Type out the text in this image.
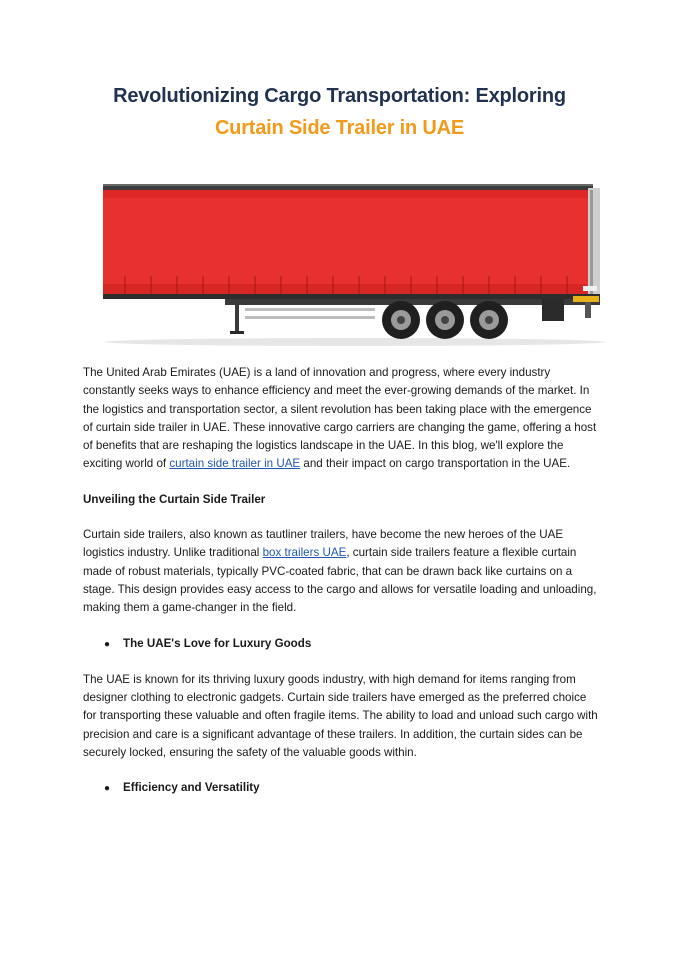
Revolutionizing Cargo Transportation: Exploring
Curtain Side Trailer in UAE

The United Arab Emirates (UAE) is a land of innovation and progress, where every industry constantly seeks ways to enhance efficiency and meet the ever-growing demands of the market. In the logistics and transportation sector, a silent revolution has been taking place with the emergence of curtain side trailer in UAE. These innovative cargo carriers are changing the game, offering a host of benefits that are reshaping the logistics landscape in the UAE. In this blog, we'll explore the exciting world of curtain side trailer in UAE and their impact on cargo transportation in the UAE.

Unveiling the Curtain Side Trailer

Curtain side trailers, also known as tautliner trailers, have become the new heroes of the UAE logistics industry. Unlike traditional box trailers UAE, curtain side trailers feature a flexible curtain made of robust materials, typically PVC-coated fabric, that can be drawn back like curtains on a stage. This design provides easy access to the cargo and allows for versatile loading and unloading, making them a game-changer in the field.

●	The UAE's Love for Luxury Goods

The UAE is known for its thriving luxury goods industry, with high demand for items ranging from designer clothing to electronic gadgets. Curtain side trailers have emerged as the preferred choice for transporting these valuable and often fragile items. The ability to load and unload such cargo with precision and care is a significant advantage of these trailers. In addition, the curtain sides can be securely locked, ensuring the safety of the valuable goods within.

●	Efficiency and Versatility
